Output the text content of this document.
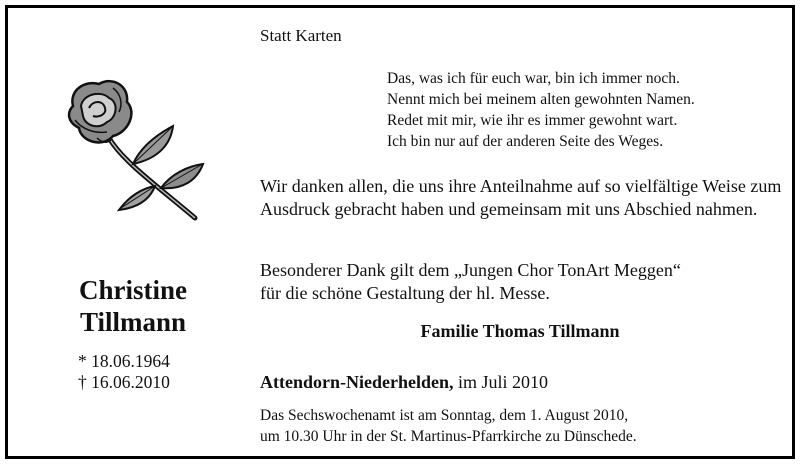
Statt Karten
Das, was ich für euch war, bin ich immer noch.
Nennt mich bei meinem alten gewohnten Namen.
Redet mit mir, wie ihr es immer gewohnt wart.
Ich bin nur auf der anderen Seite des Weges.
Wir danken allen, die uns ihre Anteilnahme auf so vielfältige Weise zum Ausdruck gebracht haben und gemeinsam mit uns Abschied nahmen.
Besonderer Dank gilt dem „Jungen Chor TonArt Meggen“
für die schöne Gestaltung der hl. Messe.
Familie Thomas Tillmann
Attendorn-Niederhelden, im Juli 2010
Das Sechswochenamt ist am Sonntag, dem 1. August 2010,
um 10.30 Uhr in der St. Martinus-Pfarrkirche zu Dünschede.
Christine
Tillmann
* 18.06.1964
† 16.06.2010
